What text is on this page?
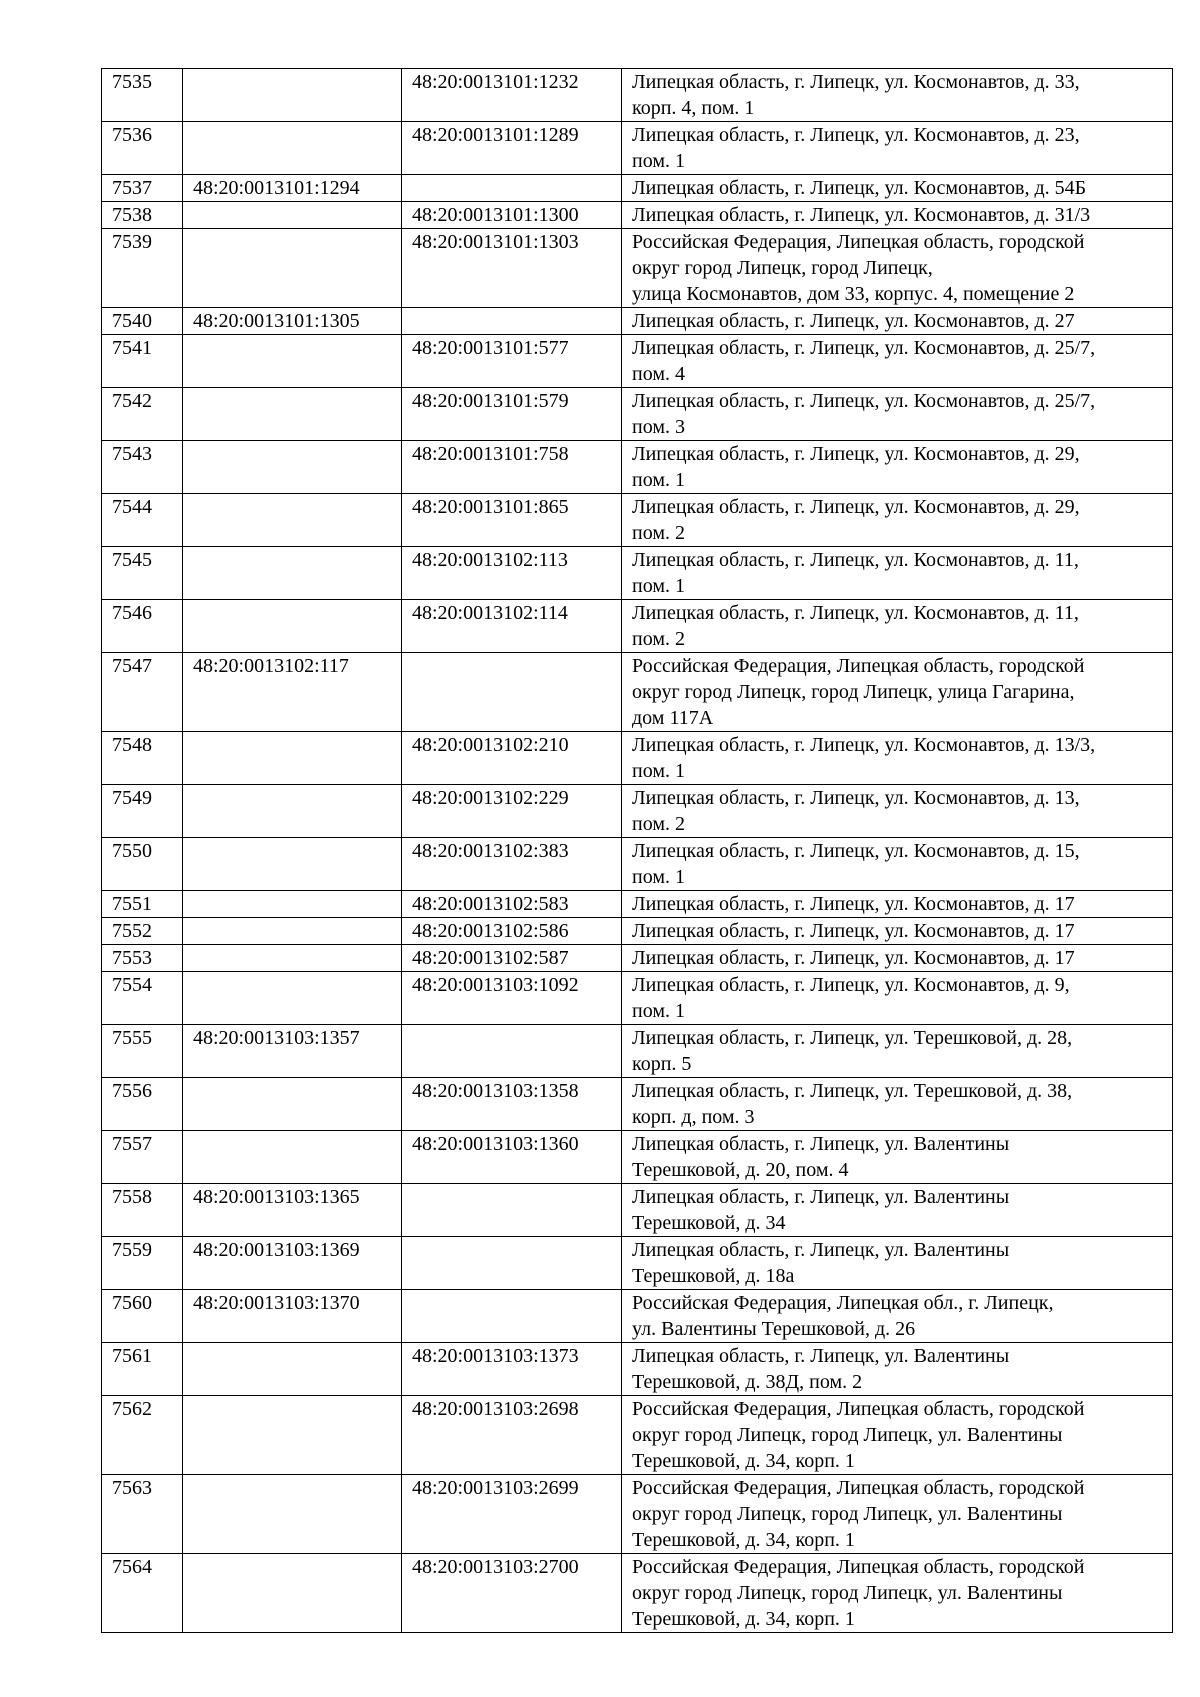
7535		48:20:0013101:1232	Липецкая область, г. Липецк, ул. Космонавтов, д. 33,
корп. 4, пом. 1
7536		48:20:0013101:1289	Липецкая область, г. Липецк, ул. Космонавтов, д. 23,
пом. 1
7537	48:20:0013101:1294		Липецкая область, г. Липецк, ул. Космонавтов, д. 54Б
7538		48:20:0013101:1300	Липецкая область, г. Липецк, ул. Космонавтов, д. 31/3
7539		48:20:0013101:1303	Российская Федерация, Липецкая область, городской
округ город Липецк, город Липецк,
улица Космонавтов, дом 33, корпус. 4, помещение 2
7540	48:20:0013101:1305		Липецкая область, г. Липецк, ул. Космонавтов, д. 27
7541		48:20:0013101:577	Липецкая область, г. Липецк, ул. Космонавтов, д. 25/7,
пом. 4
7542		48:20:0013101:579	Липецкая область, г. Липецк, ул. Космонавтов, д. 25/7,
пом. 3
7543		48:20:0013101:758	Липецкая область, г. Липецк, ул. Космонавтов, д. 29,
пом. 1
7544		48:20:0013101:865	Липецкая область, г. Липецк, ул. Космонавтов, д. 29,
пом. 2
7545		48:20:0013102:113	Липецкая область, г. Липецк, ул. Космонавтов, д. 11,
пом. 1
7546		48:20:0013102:114	Липецкая область, г. Липецк, ул. Космонавтов, д. 11,
пом. 2
7547	48:20:0013102:117		Российская Федерация, Липецкая область, городской
округ город Липецк, город Липецк, улица Гагарина,
дом 117А
7548		48:20:0013102:210	Липецкая область, г. Липецк, ул. Космонавтов, д. 13/3,
пом. 1
7549		48:20:0013102:229	Липецкая область, г. Липецк, ул. Космонавтов, д. 13,
пом. 2
7550		48:20:0013102:383	Липецкая область, г. Липецк, ул. Космонавтов, д. 15,
пом. 1
7551		48:20:0013102:583	Липецкая область, г. Липецк, ул. Космонавтов, д. 17
7552		48:20:0013102:586	Липецкая область, г. Липецк, ул. Космонавтов, д. 17
7553		48:20:0013102:587	Липецкая область, г. Липецк, ул. Космонавтов, д. 17
7554		48:20:0013103:1092	Липецкая область, г. Липецк, ул. Космонавтов, д. 9,
пом. 1
7555	48:20:0013103:1357		Липецкая область, г. Липецк, ул. Терешковой, д. 28,
корп. 5
7556		48:20:0013103:1358	Липецкая область, г. Липецк, ул. Терешковой, д. 38,
корп. д, пом. 3
7557		48:20:0013103:1360	Липецкая область, г. Липецк, ул. Валентины
Терешковой, д. 20, пом. 4
7558	48:20:0013103:1365		Липецкая область, г. Липецк, ул. Валентины
Терешковой, д. 34
7559	48:20:0013103:1369		Липецкая область, г. Липецк, ул. Валентины
Терешковой, д. 18а
7560	48:20:0013103:1370		Российская Федерация, Липецкая обл., г. Липецк,
ул. Валентины Терешковой, д. 26
7561		48:20:0013103:1373	Липецкая область, г. Липецк, ул. Валентины
Терешковой, д. 38Д, пом. 2
7562		48:20:0013103:2698	Российская Федерация, Липецкая область, городской
округ город Липецк, город Липецк, ул. Валентины
Терешковой, д. 34, корп. 1
7563		48:20:0013103:2699	Российская Федерация, Липецкая область, городской
округ город Липецк, город Липецк, ул. Валентины
Терешковой, д. 34, корп. 1
7564		48:20:0013103:2700	Российская Федерация, Липецкая область, городской
округ город Липецк, город Липецк, ул. Валентины
Терешковой, д. 34, корп. 1
